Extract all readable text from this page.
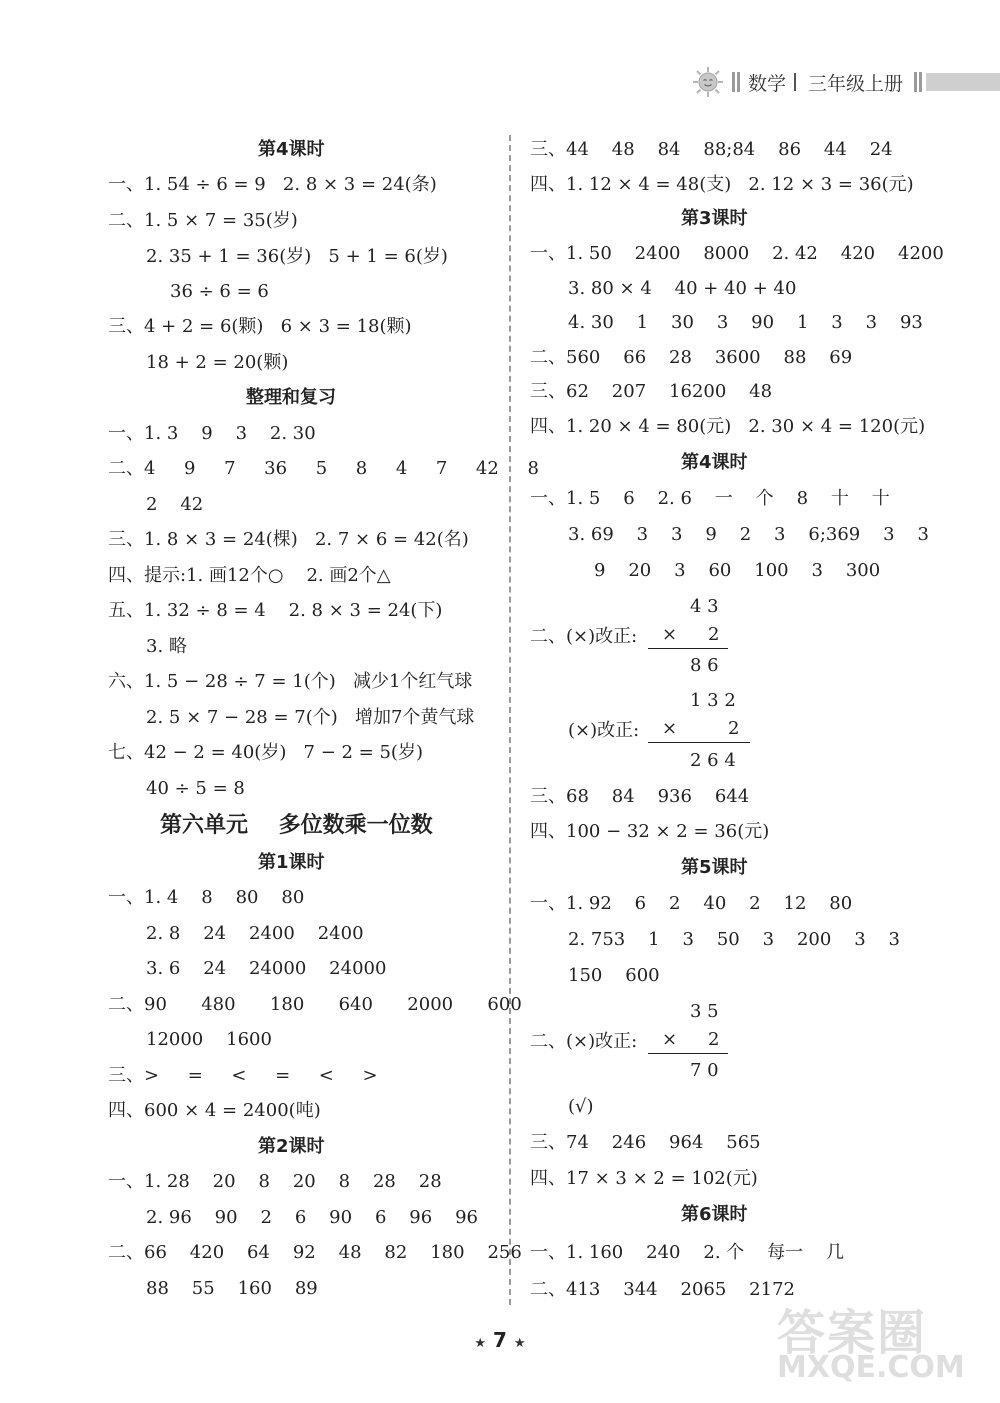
数学 三年级上册
第4课时
一、1. 54 ÷ 6 = 9   2. 8 × 3 = 24(条)
二、1. 5 × 7 = 35(岁)
2. 35 + 1 = 36(岁)   5 + 1 = 6(岁)
36 ÷ 6 = 6
三、4 + 2 = 6(颗)   6 × 3 = 18(颗)
18 + 2 = 20(颗)
整理和复习
一、1. 3    9    3    2. 30
二、4     9     7     36     5     8     4     7     42     8
2    42
三、1. 8 × 3 = 24(棵)   2. 7 × 6 = 42(名)
四、提示:1. 画12个○    2. 画2个△
五、1. 32 ÷ 8 = 4    2. 8 × 3 = 24(下)
3. 略
六、1. 5 − 28 ÷ 7 = 1(个)   减少1个红气球
2. 5 × 7 − 28 = 7(个)   增加7个黄气球
七、42 − 2 = 40(岁)   7 − 2 = 5(岁)
40 ÷ 5 = 8
第六单元    多位数乘一位数
第1课时
一、1. 4    8    80    80
2. 8    24    2400    2400
3. 6    24    24000    24000
二、90      480      180      640      2000      600
12000    1600
三、>     =     <     =     <     >
四、600 × 4 = 2400(吨)
第2课时
一、1. 28    20    8    20    8    28    28
2. 96    90    2    6    90    6    96    96
二、66    420    64    92    48    82    180    256
88    55    160    89
三、44    48    84    88;84    86    44    24
四、1. 12 × 4 = 48(支)   2. 12 × 3 = 36(元)
第3课时
一、1. 50    2400    8000    2. 42    420    4200
3. 80 × 4    40 + 40 + 40
4. 30    1    30    3    90    1    3    3    93
二、560    66    28    3600    88    69
三、62    207    16200    48
四、1. 20 × 4 = 80(元)   2. 30 × 4 = 120(元)
第4课时
一、1. 5    6    2. 6    一    个    8    十    十
3. 69    3    3    9    2    3    6;369    3    3
9    20    3    60    100    3    300
二、(×)改正:
4 3
× 2
8 6
(×)改正:
1 3 2
×	2
2 6 4
三、68    84    936    644
四、100 − 32 × 2 = 36(元)
第5课时
一、1. 92    6    2    40    2    12    80
2. 753    1    3    50    3    200    3    3
150    600
二、(×)改正:
3 5
× 2
7 0
(√)
三、74    246    964    565
四、17 × 3 × 2 = 102(元)
第6课时
一、1. 160    240    2. 个    每一    几
二、413    344    2065    2172
★ 7 ★	答案圈
MXQE.COM
